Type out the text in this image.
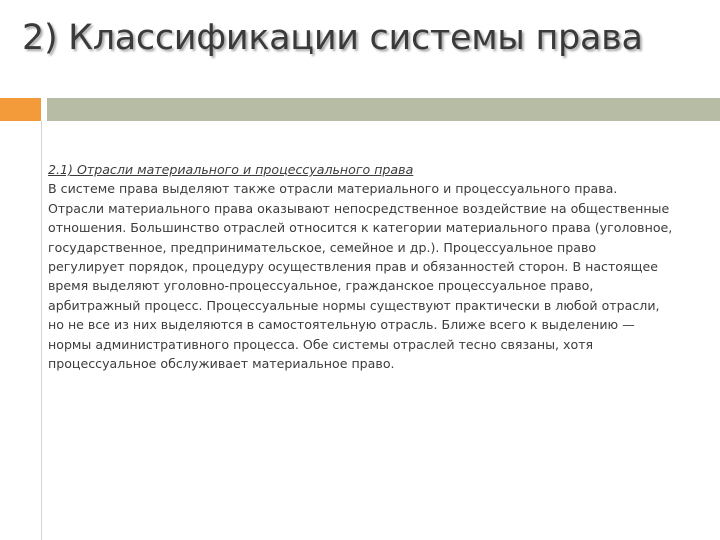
2) Классификации системы права
2.1) Отрасли материального и процессуального права
В системе права выделяют также отрасли материального и процессуального права. Отрасли материального права оказывают непосредственное воздействие на общественные отношения. Большинство отраслей относится к категории материального права (уголовное, государственное, предпринимательское, семейное и др.). Процессуальное право регулирует порядок, процедуру осуществления прав и обязанностей сторон. В настоящее время выделяют уголовно-процессуальное, гражданское процессуальное право, арбитражный процесс. Процессуальные нормы существуют практически в любой отрасли, но не все из них выделяются в самостоятельную отрасль. Ближе всего к выделению — нормы административного процесса. Обе системы отраслей тесно связаны, хотя процессуальное обслуживает материальное право.
